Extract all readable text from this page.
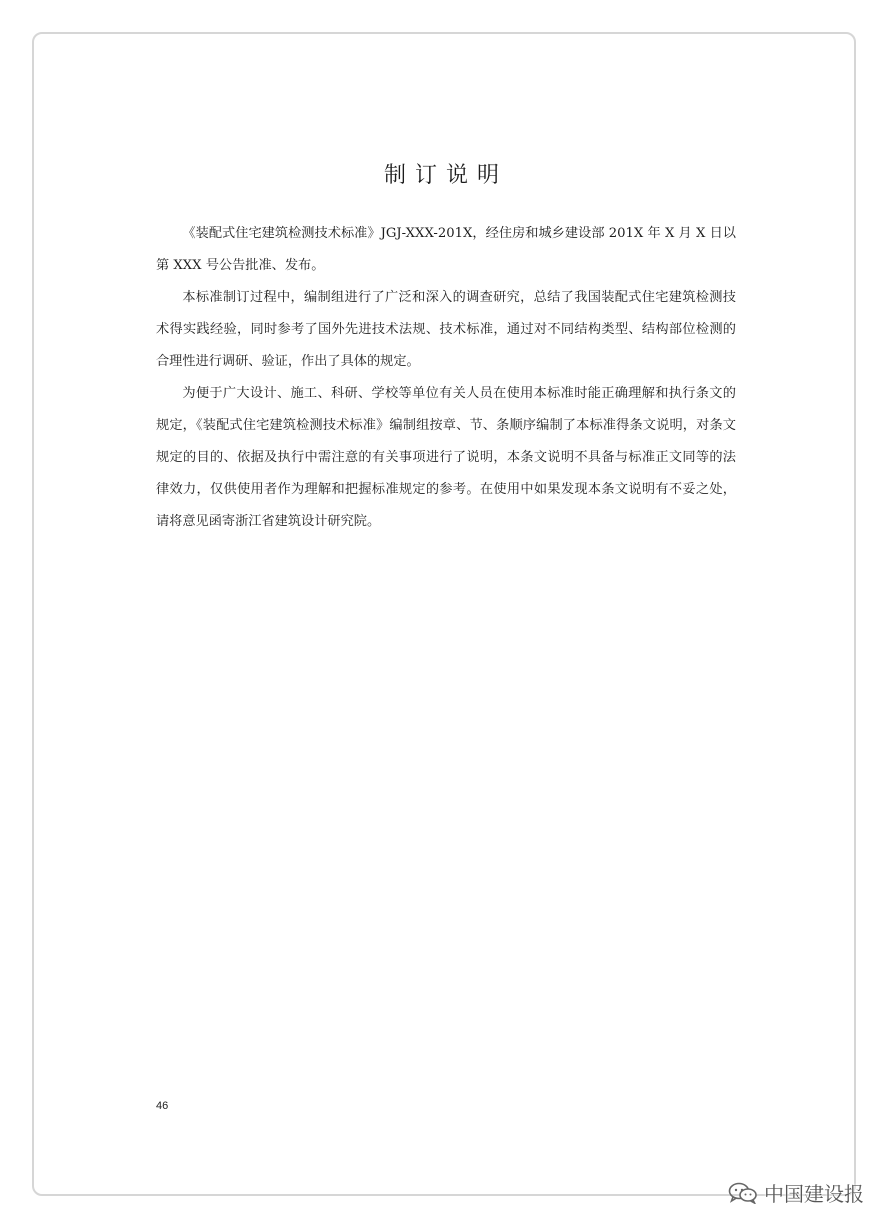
制订说明

《装配式住宅建筑检测技术标准》JGJ-XXX-201X，经住房和城乡建设部 201X 年 X 月 X 日以第 XXX 号公告批准、发布。

本标准制订过程中，编制组进行了广泛和深入的调查研究，总结了我国装配式住宅建筑检测技术得实践经验，同时参考了国外先进技术法规、技术标准，通过对不同结构类型、结构部位检测的合理性进行调研、验证，作出了具体的规定。

为便于广大设计、施工、科研、学校等单位有关人员在使用本标准时能正确理解和执行条文的规定，《装配式住宅建筑检测技术标准》编制组按章、节、条顺序编制了本标准得条文说明，对条文规定的目的、依据及执行中需注意的有关事项进行了说明，本条文说明不具备与标准正文同等的法律效力，仅供使用者作为理解和把握标准规定的参考。在使用中如果发现本条文说明有不妥之处，请将意见函寄浙江省建筑设计研究院。

46
中国建设报
